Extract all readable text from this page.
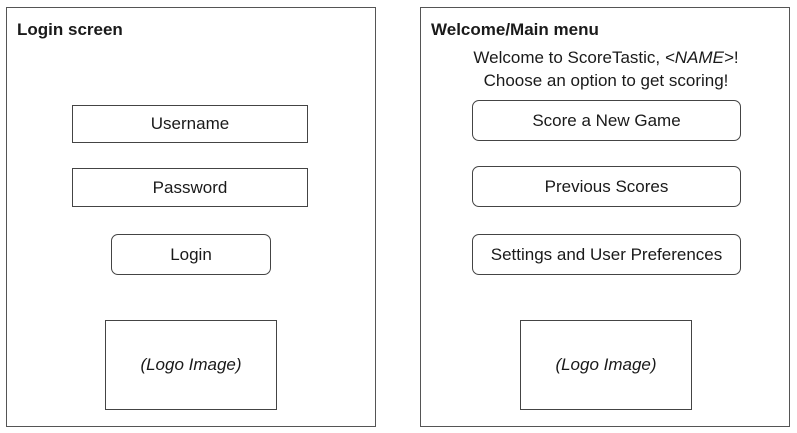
Login screen
Username
Password
Login
(Logo Image)
Welcome/Main menu
Welcome to ScoreTastic, <NAME>!
Choose an option to get scoring!
Score a New Game
Previous Scores
Settings and User Preferences
(Logo Image)
